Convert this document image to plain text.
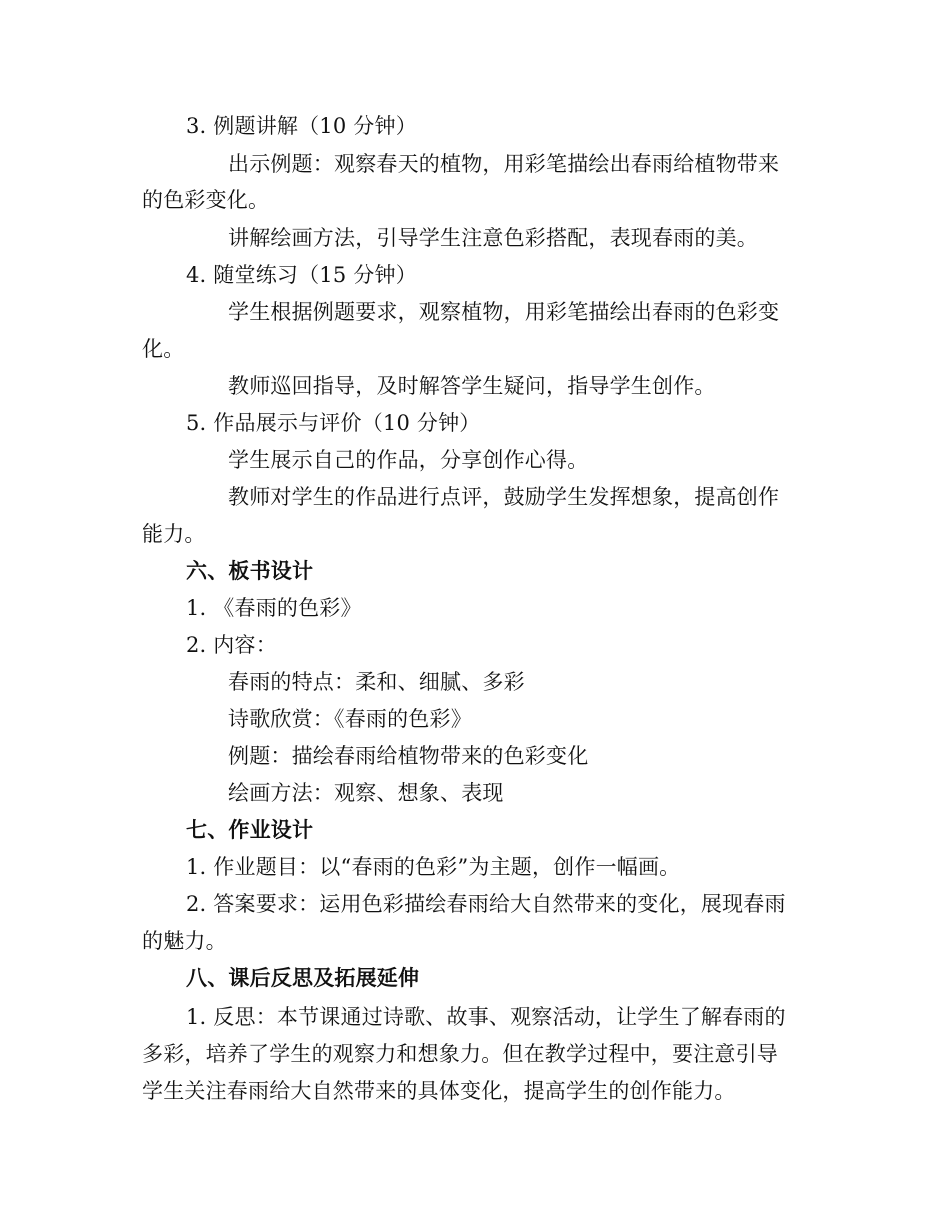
3. 例题讲解（10 分钟）
出示例题：观察春天的植物，用彩笔描绘出春雨给植物带来
的色彩变化。
讲解绘画方法，引导学生注意色彩搭配，表现春雨的美。
4. 随堂练习（15 分钟）
学生根据例题要求，观察植物，用彩笔描绘出春雨的色彩变
化。
教师巡回指导，及时解答学生疑问，指导学生创作。
5. 作品展示与评价（10 分钟）
学生展示自己的作品，分享创作心得。
教师对学生的作品进行点评，鼓励学生发挥想象，提高创作
能力。
六、板书设计
1. 《春雨的色彩》
2. 内容：
春雨的特点：柔和、细腻、多彩
诗歌欣赏：《春雨的色彩》
例题：描绘春雨给植物带来的色彩变化
绘画方法：观察、想象、表现
七、作业设计
1. 作业题目：以“春雨的色彩”为主题，创作一幅画。
2. 答案要求：运用色彩描绘春雨给大自然带来的变化，展现春雨
的魅力。
八、课后反思及拓展延伸
1. 反思：本节课通过诗歌、故事、观察活动，让学生了解春雨的
多彩，培养了学生的观察力和想象力。但在教学过程中，要注意引导
学生关注春雨给大自然带来的具体变化，提高学生的创作能力。
